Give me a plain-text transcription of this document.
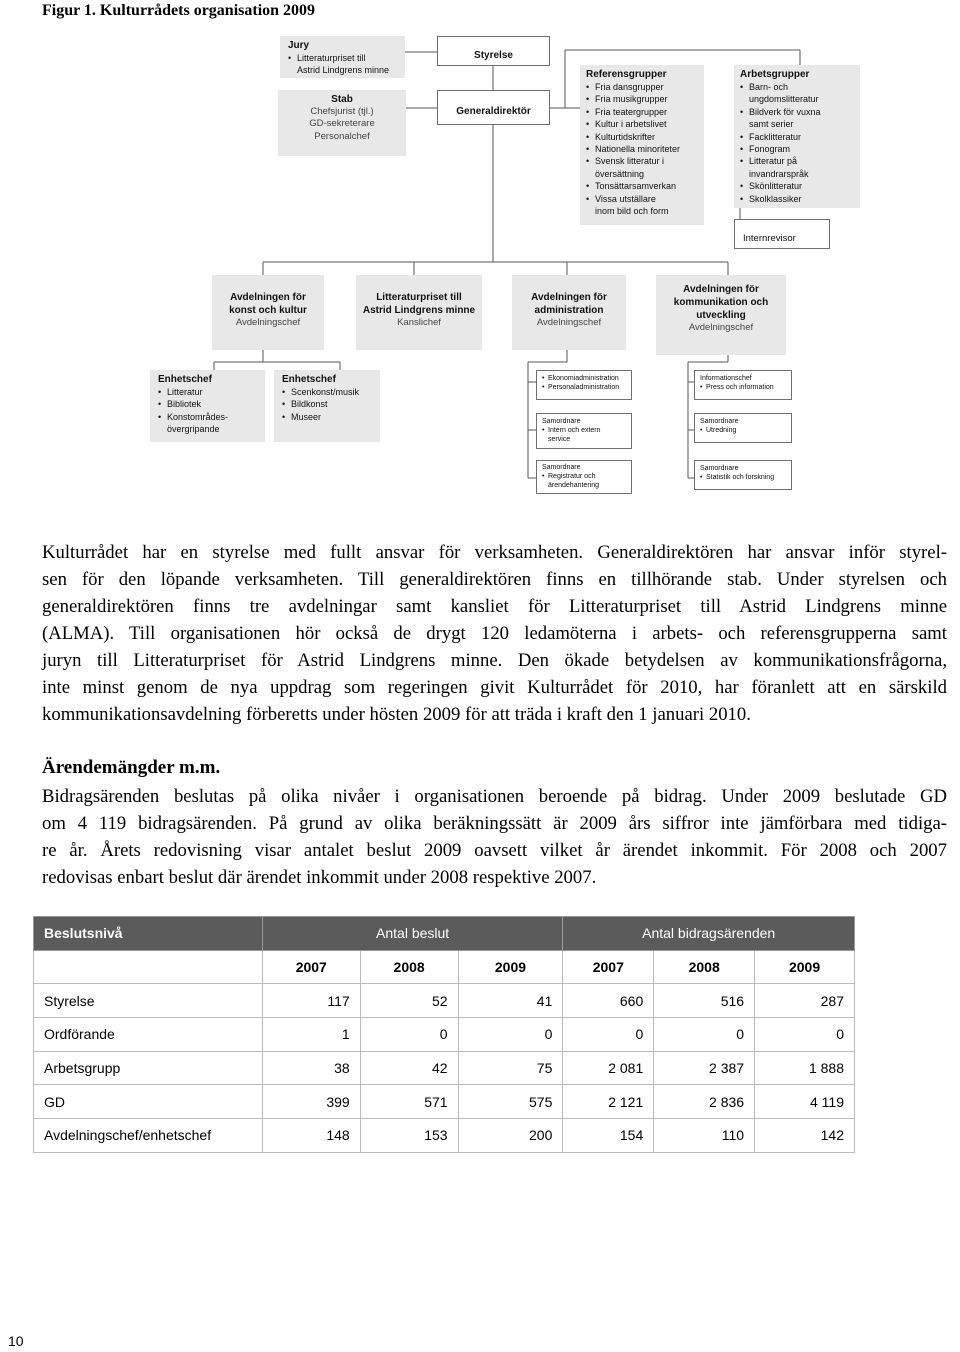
Figur 1. Kulturrådets organisation 2009
Jury
• Litteraturpriset till
Astrid Lindgrens minne
Styrelse
Stab
Chefsjurist (tjl.)
GD-sekreterare
Personalchef
Generaldirektör
Referensgrupper
• Fria dansgrupper
• Fria musikgrupper
• Fria teatergrupper
• Kultur i arbetslivet
• Kulturtidskrifter
• Nationella minoriteter
• Svensk litteratur i
översättning
• Tonsättarsamverkan
• Vissa utställare
inom bild och form
Arbetsgrupper
• Barn- och
ungdomslitteratur
• Bildverk för vuxna
samt serier
• Facklitteratur
• Fonogram
• Litteratur på
invandrarspråk
• Skönlitteratur
• Skolklassiker
Internrevisor
Avdelningen för
konst och kultur
Avdelningschef
Litteraturpriset till
Astrid Lindgrens minne
Kanslichef
Avdelningen för
administration
Avdelningschef
Avdelningen för
kommunikation och
utveckling
Avdelningschef
Enhetschef
• Litteratur
• Bibliotek
• Konstområdes-
övergripande
Enhetschef
• Scenkonst/musik
• Bildkonst
• Museer
• Ekonomiadministration
• Personaladministration
Samordnare
• Intern och extern
service
Samordnare
• Registratur och
ärendehantering
Informationschef
• Press och information
Samordnare
• Utredning
Samordnare
• Statistik och forskning
Kulturrådet har en styrelse med fullt ansvar för verksamheten. Generaldirektören har ansvar inför styrel-
sen för den löpande verksamheten. Till generaldirektören finns en tillhörande stab. Under styrelsen och
generaldirektören finns tre avdelningar samt kansliet för Litteraturpriset till Astrid Lindgrens minne
(ALMA). Till organisationen hör också de drygt 120 ledamöterna i arbets- och referensgrupperna samt
juryn till Litteraturpriset för Astrid Lindgrens minne. Den ökade betydelsen av kommunikationsfrågorna,
inte minst genom de nya uppdrag som regeringen givit Kulturrådet för 2010, har föranlett att en särskild
kommunikationsavdelning förberetts under hösten 2009 för att träda i kraft den 1 januari 2010.
Ärendemängder m.m.
Bidragsärenden beslutas på olika nivåer i organisationen beroende på bidrag. Under 2009 beslutade GD
om 4 119 bidragsärenden. På grund av olika beräkningssätt är 2009 års siffror inte jämförbara med tidiga-
re år. Årets redovisning visar antalet beslut 2009 oavsett vilket år ärendet inkommit. För 2008 och 2007
redovisas enbart beslut där ärendet inkommit under 2008 respektive 2007.
Beslutsnivå	Antal beslut			Antal bidragsärenden		
	2007	2008	2009	2007	2008	2009
Styrelse	117	52	41	660	516	287
Ordförande	1	0	0	0	0	0
Arbetsgrupp	38	42	75	2 081	2 387	1 888
GD	399	571	575	2 121	2 836	4 119
Avdelningschef/enhetschef	148	153	200	154	110	142
10
